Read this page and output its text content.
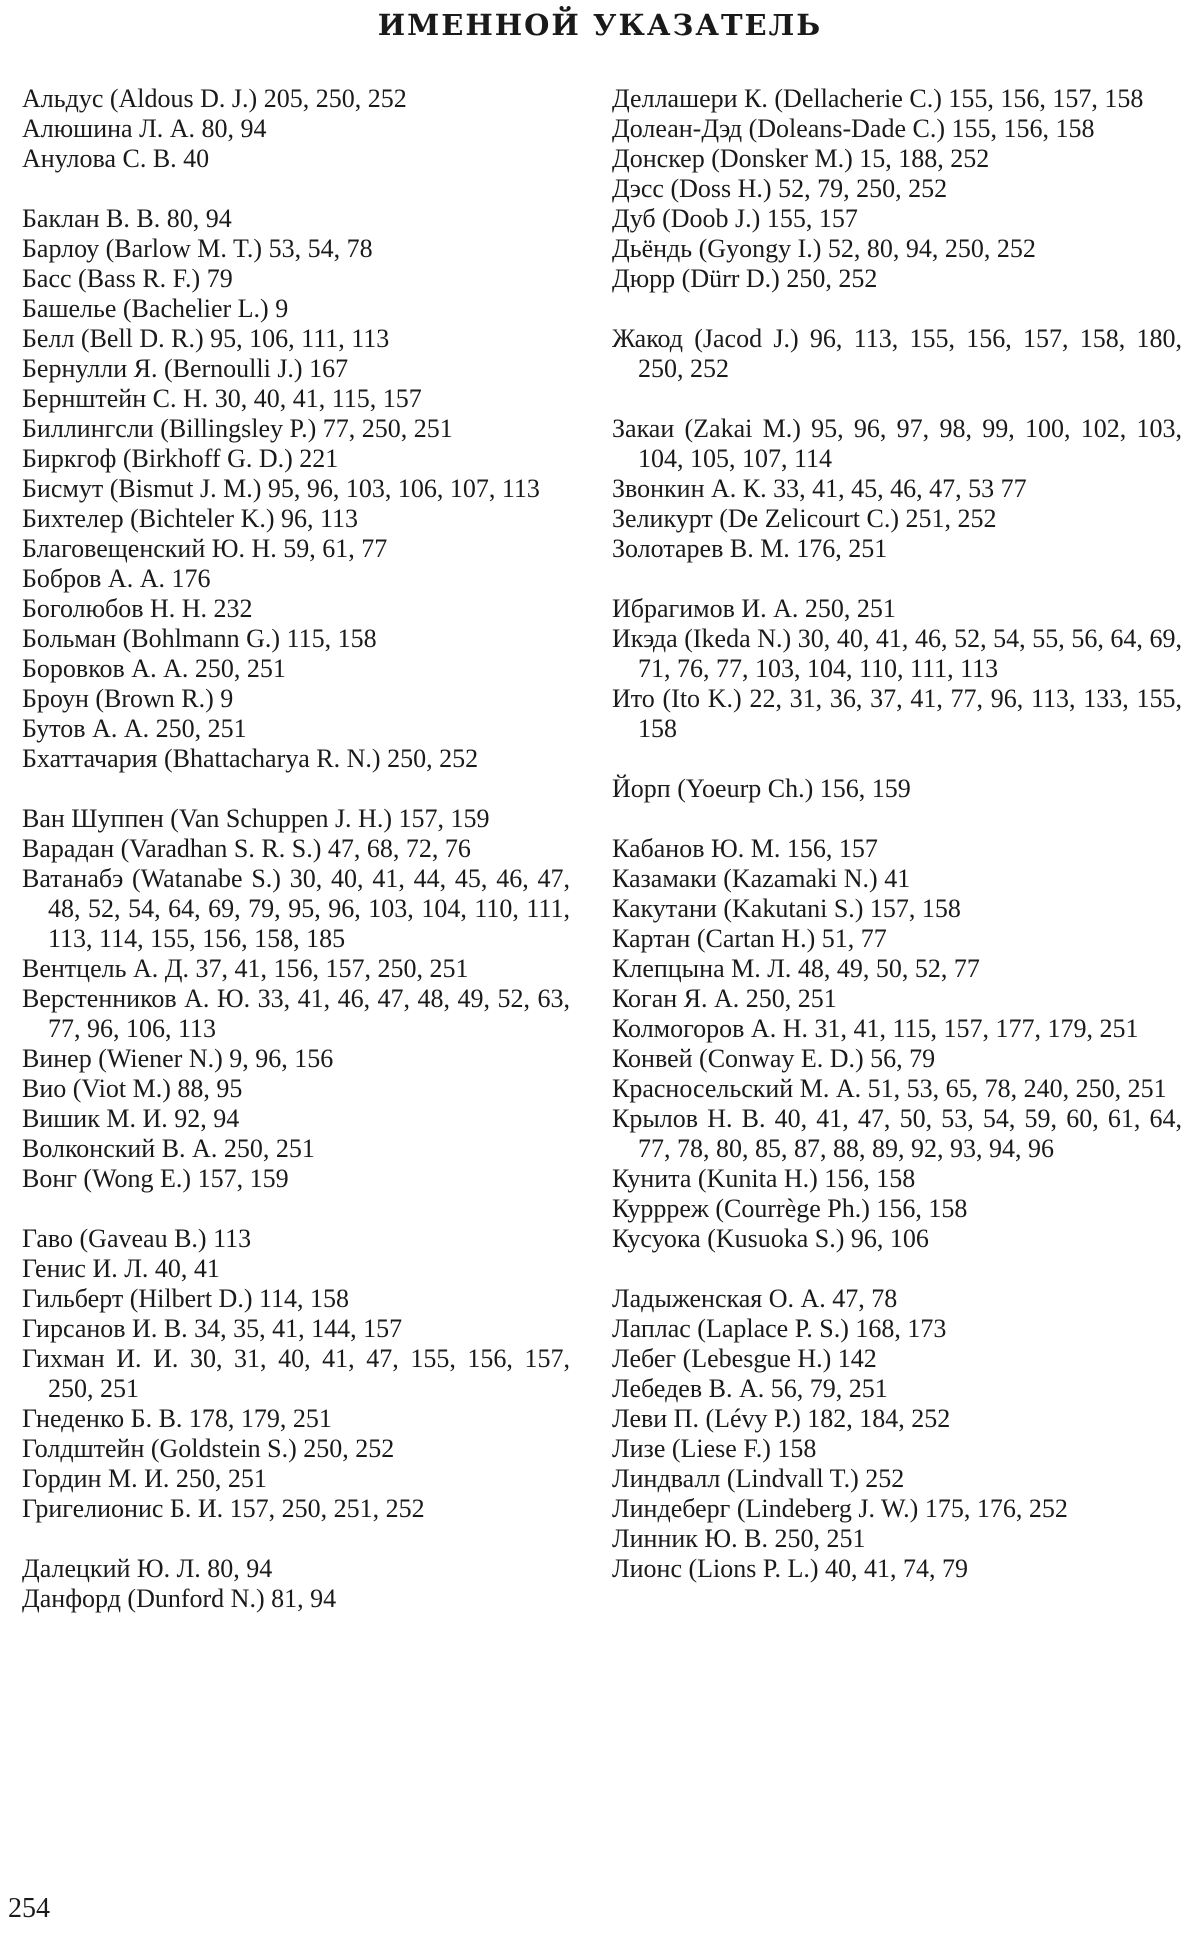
ИМЕННОЙ УКАЗАТЕЛЬ

Альдус (Aldous D. J.) 205, 250, 252

Алюшина Л. А. 80, 94

Анулова С. В. 40

Баклан В. В. 80, 94

Барлоу (Barlow M. T.) 53, 54, 78

Басс (Bass R. F.) 79

Башелье (Bachelier L.) 9

Белл (Bell D. R.) 95, 106, 111, 113

Бернулли Я. (Bernoulli J.) 167

Бернштейн С. Н. 30, 40, 41, 115, 157

Биллингсли (Billingsley P.) 77, 250, 251

Биркгоф (Birkhoff G. D.) 221

Бисмут (Bismut J. M.) 95, 96, 103, 106, 107, 113

Бихтелер (Bichteler K.) 96, 113

Благовещенский Ю. Н. 59, 61, 77

Бобров А. А. 176

Боголюбов Н. Н. 232

Больман (Bohlmann G.) 115, 158

Боровков А. А. 250, 251

Броун (Brown R.) 9

Бутов А. А. 250, 251

Бхаттачария (Bhattacharya R. N.) 250, 252

Ван Шуппен (Van Schuppen J. H.) 157, 159

Варадан (Varadhan S. R. S.) 47, 68, 72, 76

Ватанабэ (Watanabe S.) 30, 40, 41, 44, 45, 46, 47, 48, 52, 54, 64, 69, 79, 95, 96, 103, 104, 110, 111, 113, 114, 155, 156, 158, 185

Вентцель А. Д. 37, 41, 156, 157, 250, 251

Верстенников А. Ю. 33, 41, 46, 47, 48, 49, 52, 63, 77, 96, 106, 113

Винер (Wiener N.) 9, 96, 156

Вио (Viot M.) 88, 95

Вишик М. И. 92, 94

Волконский В. А. 250, 251

Вонг (Wong E.) 157, 159

Гаво (Gaveau B.) 113

Генис И. Л. 40, 41

Гильберт (Hilbert D.) 114, 158

Гирсанов И. В. 34, 35, 41, 144, 157

Гихман И. И. 30, 31, 40, 41, 47, 155, 156, 157, 250, 251

Гнеденко Б. В. 178, 179, 251

Голдштейн (Goldstein S.) 250, 252

Гордин М. И. 250, 251

Григелионис Б. И. 157, 250, 251, 252

Далецкий Ю. Л. 80, 94

Данфорд (Dunford N.) 81, 94

Деллашери К. (Dellacherie C.) 155, 156, 157, 158

Долеан-Дэд (Doleans-Dade C.) 155, 156, 158

Донскер (Donsker M.) 15, 188, 252

Дэсс (Doss H.) 52, 79, 250, 252

Дуб (Doob J.) 155, 157

Дьёндь (Gyongy I.) 52, 80, 94, 250, 252

Дюрр (Dürr D.) 250, 252

Жакод (Jacod J.) 96, 113, 155, 156, 157, 158, 180, 250, 252

Закаи (Zakai M.) 95, 96, 97, 98, 99, 100, 102, 103, 104, 105, 107, 114

Звонкин А. К. 33, 41, 45, 46, 47, 53 77

Зеликурт (De Zelicourt C.) 251, 252

Золотарев В. М. 176, 251

Ибрагимов И. А. 250, 251

Икэда (Ikeda N.) 30, 40, 41, 46, 52, 54, 55, 56, 64, 69, 71, 76, 77, 103, 104, 110, 111, 113

Ито (Ito K.) 22, 31, 36, 37, 41, 77, 96, 113, 133, 155, 158

Йорп (Yoeurp Ch.) 156, 159

Кабанов Ю. М. 156, 157

Казамаки (Kazamaki N.) 41

Какутани (Kakutani S.) 157, 158

Картан (Cartan H.) 51, 77

Клепцына М. Л. 48, 49, 50, 52, 77

Коган Я. А. 250, 251

Колмогоров А. Н. 31, 41, 115, 157, 177, 179, 251

Конвей (Conway E. D.) 56, 79

Красносельский М. А. 51, 53, 65, 78, 240, 250, 251

Крылов Н. В. 40, 41, 47, 50, 53, 54, 59, 60, 61, 64, 77, 78, 80, 85, 87, 88, 89, 92, 93, 94, 96

Кунита (Kunita H.) 156, 158

Куррреж (Courrège Ph.) 156, 158

Кусуока (Kusuoka S.) 96, 106

Ладыженская О. А. 47, 78

Лаплас (Laplace P. S.) 168, 173

Лебег (Lebesgue H.) 142

Лебедев В. А. 56, 79, 251

Леви П. (Lévy P.) 182, 184, 252

Лизе (Liese F.) 158

Линдвалл (Lindvall T.) 252

Линдеберг (Lindeberg J. W.) 175, 176, 252

Линник Ю. В. 250, 251

Лионс (Lions P. L.) 40, 41, 74, 79

254
